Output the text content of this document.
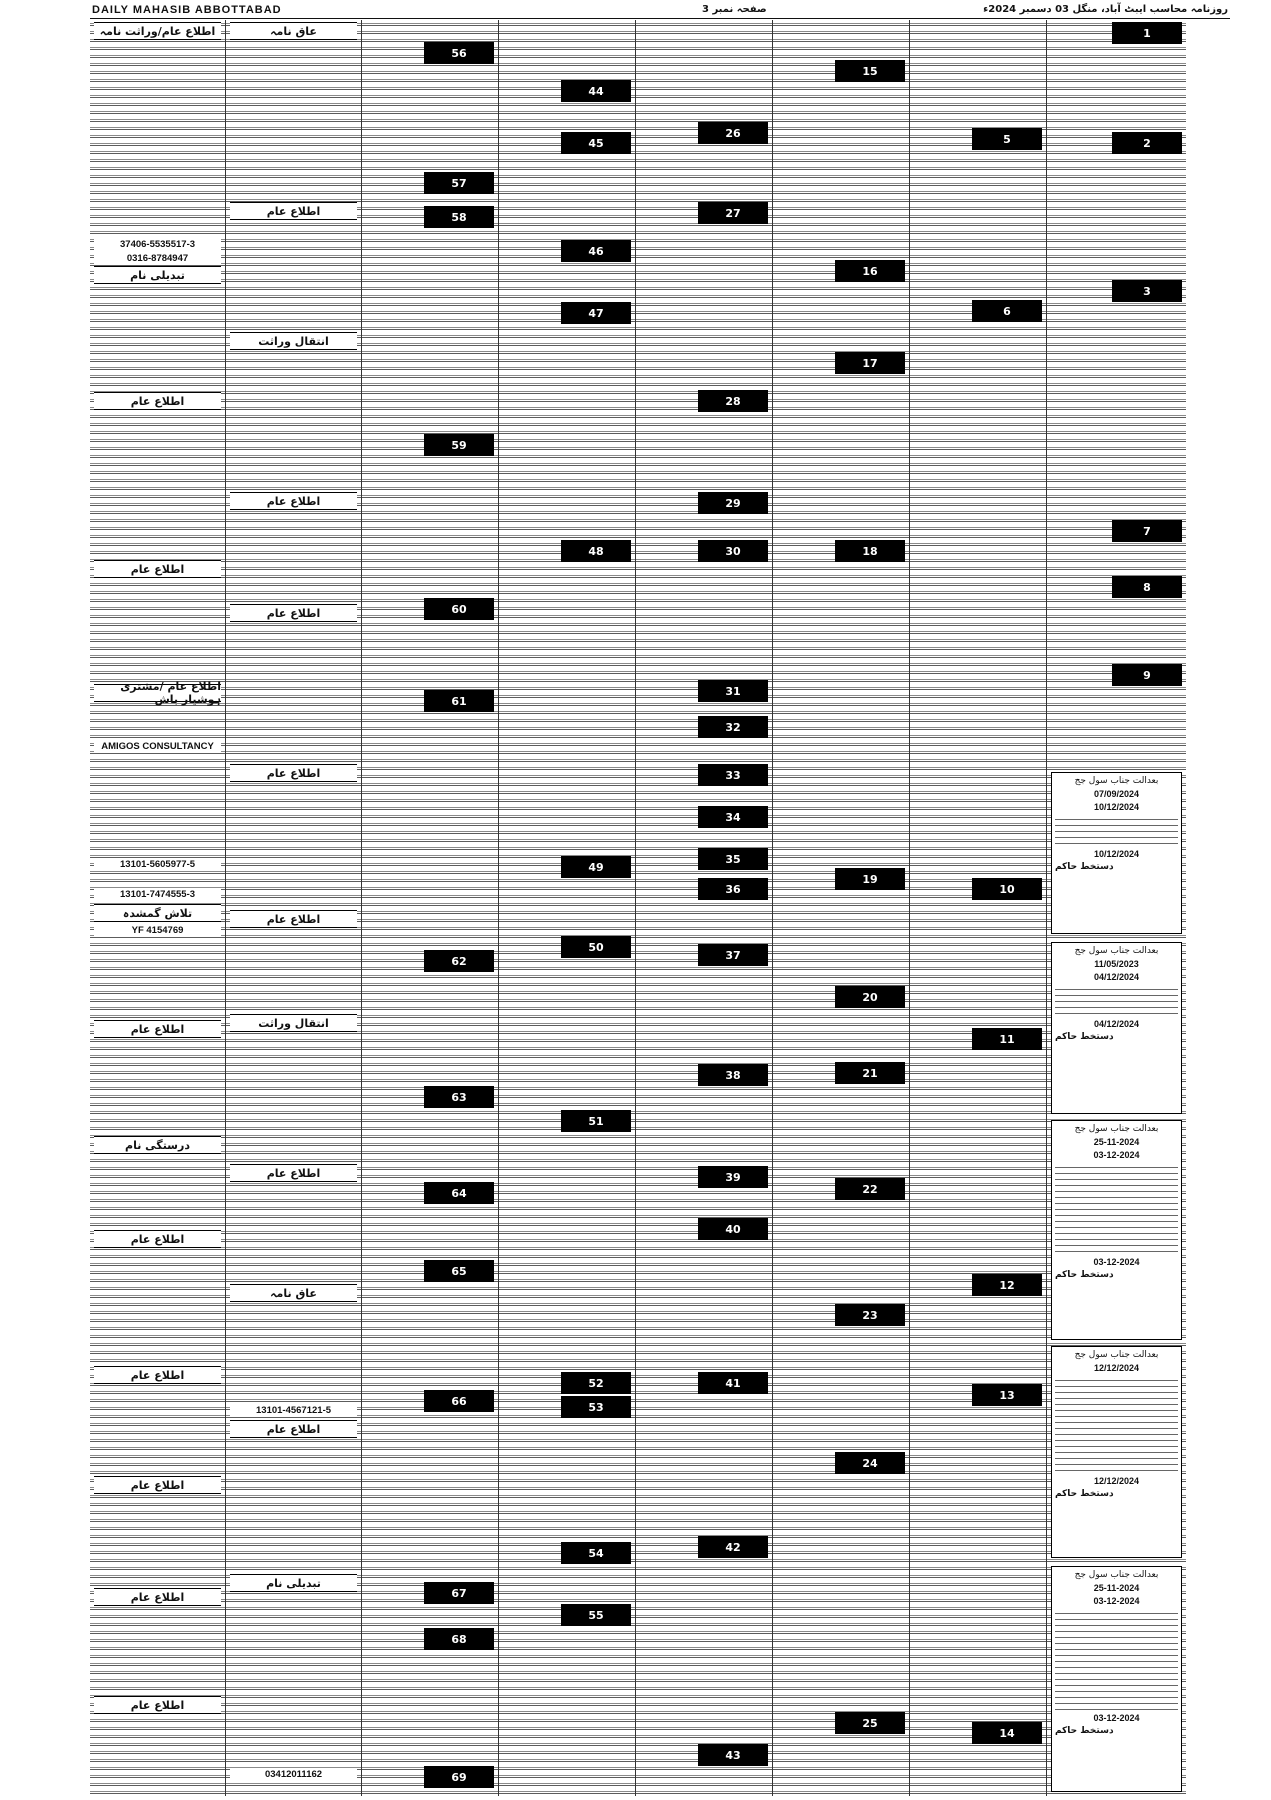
DAILY MAHASIB ABBOTTABAD	صفحہ نمبر 3	روزنامہ محاسب ایبٹ آباد، منگل 03 دسمبر 2024ء
اطلاع عام/وراثت نامہ
37406-5535517-3
0316-8784947
تبدیلی نام
اطلاع عام
اطلاع عام
اطلاع عام /مشتری ہوشیار باش
AMIGOS CONSULTANCY
13101-5605977-5
13101-7474555-3
تلاش گمشدہ
YF 4154769
اطلاع عام
درستگی نام
اطلاع عام
اطلاع عام
اطلاع عام
اطلاع عام
اطلاع عام
عاق نامہ
اطلاع عام
انتقال وراثت
اطلاع عام
اطلاع عام
اطلاع عام
اطلاع عام
انتقال وراثت
اطلاع عام
عاق نامہ
13101-4567121-5
اطلاع عام
تبدیلی نام
03412011162
56
57
58
59
60
61
62
63
64
65
66
67
68
69
44
45
46
47
48
49
50
51
52
53
54
55
26
27
28
29
30
31
32
33
34
35
36
37
38
39
40
41
42
43
15
16
17
18
19
20
21
22
23
24
25
5
6
10
11
12
13
14
1
2
3
7
8
9
بعدالت جناب سول جج
07/09/2024
10/12/2024
10/12/2024
دستخط حاکم
بعدالت جناب سول جج
11/05/2023
04/12/2024
04/12/2024
دستخط حاکم
بعدالت جناب سول جج
25-11-2024
03-12-2024
03-12-2024
دستخط حاکم
بعدالت جناب سول جج
12/12/2024
12/12/2024
دستخط حاکم
بعدالت جناب سول جج
25-11-2024
03-12-2024
03-12-2024
دستخط حاکم
